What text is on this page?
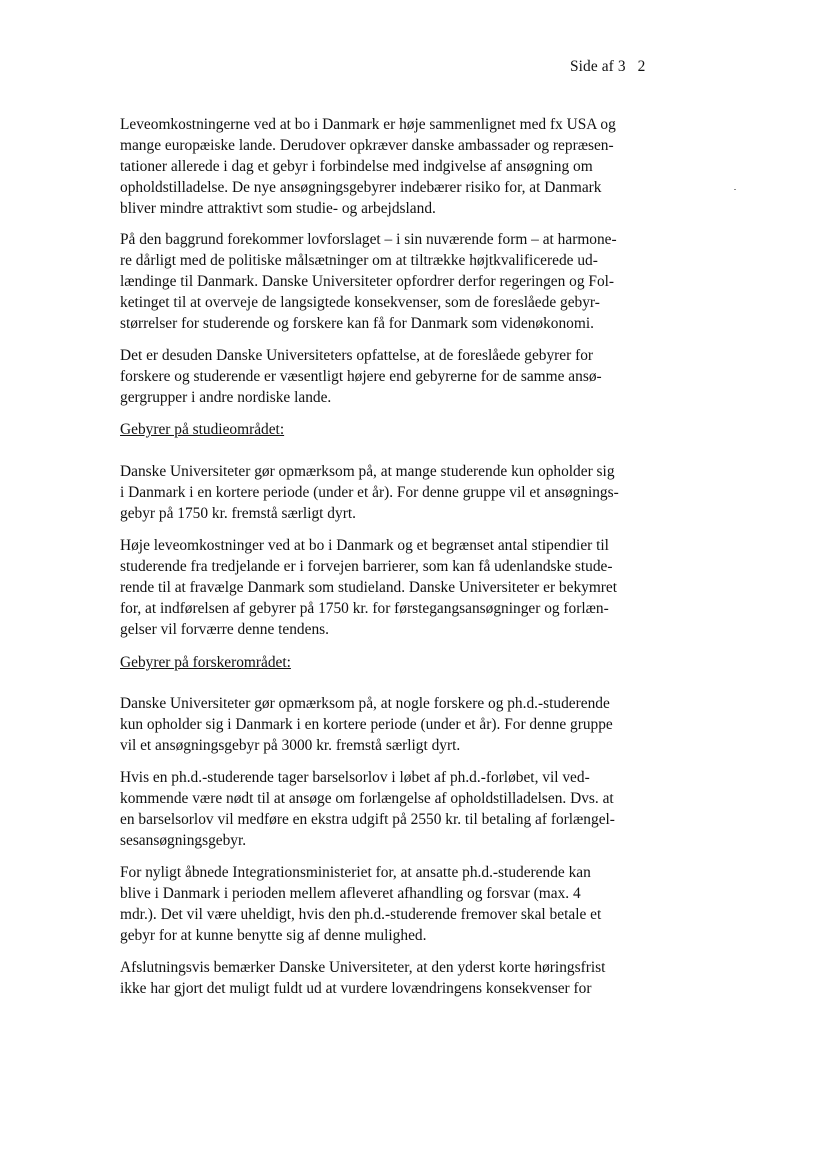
Side af 3 2
Leveomkostningerne ved at bo i Danmark er høje sammenlignet med fx USA og
mange europæiske lande. Derudover opkræver danske ambassader og repræsen-
tationer allerede i dag et gebyr i forbindelse med indgivelse af ansøgning om
opholdstilladelse. De nye ansøgningsgebyrer indebærer risiko for, at Danmark
bliver mindre attraktivt som studie- og arbejdsland.
På den baggrund forekommer lovforslaget – i sin nuværende form – at harmone-
re dårligt med de politiske målsætninger om at tiltrække højtkvalificerede ud-
lændinge til Danmark. Danske Universiteter opfordrer derfor regeringen og Fol-
ketinget til at overveje de langsigtede konsekvenser, som de foreslåede gebyr-
størrelser for studerende og forskere kan få for Danmark som videnøkonomi.
Det er desuden Danske Universiteters opfattelse, at de foreslåede gebyrer for
forskere og studerende er væsentligt højere end gebyrerne for de samme ansø-
gergrupper i andre nordiske lande.
Gebyrer på studieområdet:
Danske Universiteter gør opmærksom på, at mange studerende kun opholder sig
i Danmark i en kortere periode (under et år). For denne gruppe vil et ansøgnings-
gebyr på 1750 kr. fremstå særligt dyrt.
Høje leveomkostninger ved at bo i Danmark og et begrænset antal stipendier til
studerende fra tredjelande er i forvejen barrierer, som kan få udenlandske stude-
rende til at fravælge Danmark som studieland. Danske Universiteter er bekymret
for, at indførelsen af gebyrer på 1750 kr. for førstegangsansøgninger og forlæn-
gelser vil forværre denne tendens.
Gebyrer på forskerområdet:
Danske Universiteter gør opmærksom på, at nogle forskere og ph.d.-studerende
kun opholder sig i Danmark i en kortere periode (under et år). For denne gruppe
vil et ansøgningsgebyr på 3000 kr. fremstå særligt dyrt.
Hvis en ph.d.-studerende tager barselsorlov i løbet af ph.d.-forløbet, vil ved-
kommende være nødt til at ansøge om forlængelse af opholdstilladelsen. Dvs. at
en barselsorlov vil medføre en ekstra udgift på 2550 kr. til betaling af forlængel-
sesansøgningsgebyr.
For nyligt åbnede Integrationsministeriet for, at ansatte ph.d.-studerende kan
blive i Danmark i perioden mellem afleveret afhandling og forsvar (max. 4
mdr.). Det vil være uheldigt, hvis den ph.d.-studerende fremover skal betale et
gebyr for at kunne benytte sig af denne mulighed.
Afslutningsvis bemærker Danske Universiteter, at den yderst korte høringsfrist
ikke har gjort det muligt fuldt ud at vurdere lovændringens konsekvenser for
